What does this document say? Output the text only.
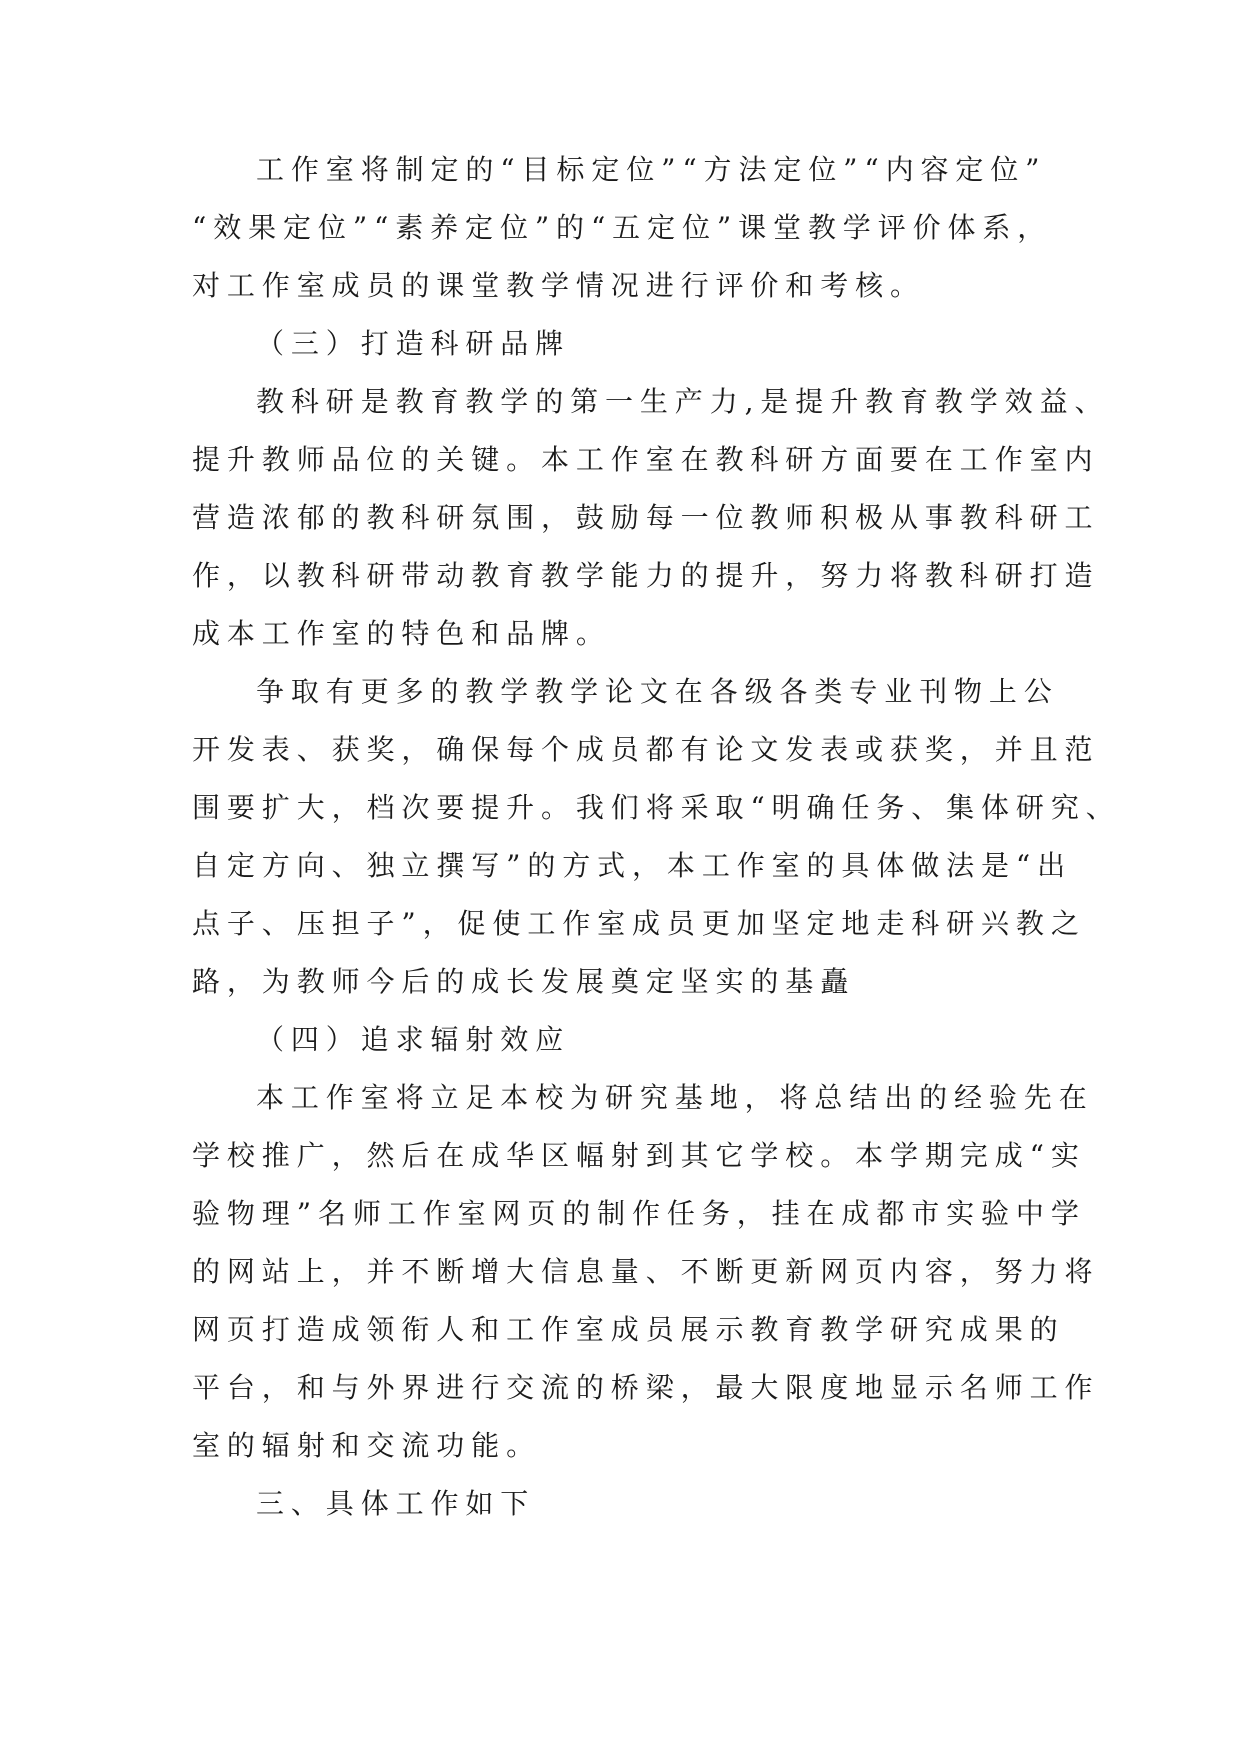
工作室将制定的“目标定位”“方法定位”“内容定位”
“效果定位”“素养定位”的“五定位”课堂教学评价体系，
对工作室成员的课堂教学情况进行评价和考核。
（三）打造科研品牌
教科研是教育教学的第一生产力,是提升教育教学效益、
提升教师品位的关键。本工作室在教科研方面要在工作室内
营造浓郁的教科研氛围，鼓励每一位教师积极从事教科研工
作，以教科研带动教育教学能力的提升，努力将教科研打造
成本工作室的特色和品牌。
争取有更多的教学教学论文在各级各类专业刊物上公
开发表、获奖，确保每个成员都有论文发表或获奖，并且范
围要扩大，档次要提升。我们将采取“明确任务、集体研究、
自定方向、独立撰写”的方式，本工作室的具体做法是“出
点子、压担子”，促使工作室成员更加坚定地走科研兴教之
路，为教师今后的成长发展奠定坚实的基矗
（四）追求辐射效应
本工作室将立足本校为研究基地，将总结出的经验先在
学校推广，然后在成华区幅射到其它学校。本学期完成“实
验物理”名师工作室网页的制作任务，挂在成都市实验中学
的网站上，并不断增大信息量、不断更新网页内容，努力将
网页打造成领衔人和工作室成员展示教育教学研究成果的
平台，和与外界进行交流的桥梁，最大限度地显示名师工作
室的辐射和交流功能。
三、具体工作如下
